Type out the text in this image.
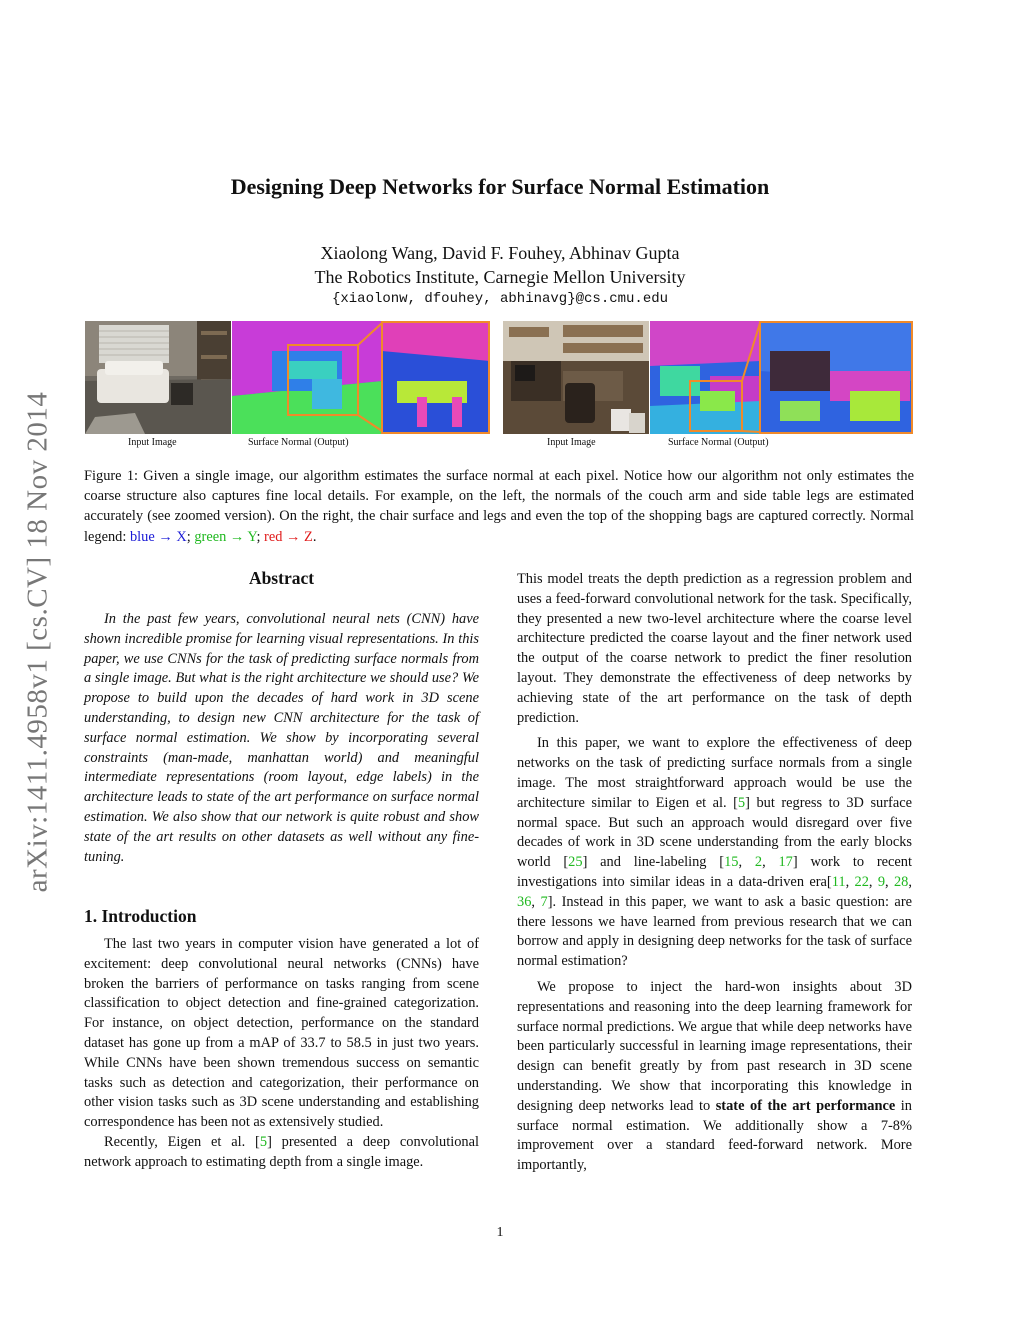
arXiv:1411.4958v1 [cs.CV] 18 Nov 2014
Designing Deep Networks for Surface Normal Estimation
Xiaolong Wang, David F. Fouhey, Abhinav Gupta
The Robotics Institute, Carnegie Mellon University
{xiaolonw, dfouhey, abhinavg}@cs.cmu.edu
Input Image	Surface Normal (Output)	Input Image	Surface Normal (Output)
Figure 1: Given a single image, our algorithm estimates the surface normal at each pixel. Notice how our algorithm not only estimates the coarse structure also captures fine local details. For example, on the left, the normals of the couch arm and side table legs are estimated accurately (see zoomed version). On the right, the chair surface and legs and even the top of the shopping bags are captured correctly. Normal legend: blue → X; green → Y; red → Z.
Abstract
In the past few years, convolutional neural nets (CNN) have shown incredible promise for learning visual representations. In this paper, we use CNNs for the task of predicting surface normals from a single image. But what is the right architecture we should use? We propose to build upon the decades of hard work in 3D scene understanding, to design new CNN architecture for the task of surface normal estimation. We show by incorporating several constraints (man-made, manhattan world) and meaningful intermediate representations (room layout, edge labels) in the architecture leads to state of the art performance on surface normal estimation. We also show that our network is quite robust and show state of the art results on other datasets as well without any fine-tuning.
1. Introduction

The last two years in computer vision have generated a lot of excitement: deep convolutional neural networks (CNNs) have broken the barriers of performance on tasks ranging from scene classification to object detection and fine-grained categorization. For instance, on object detection, performance on the standard dataset has gone up from a mAP of 33.7 to 58.5 in just two years. While CNNs have been shown tremendous success on semantic tasks such as detection and categorization, their performance on other vision tasks such as 3D scene understanding and establishing correspondence has been not as extensively studied.

Recently, Eigen et al. [5] presented a deep convolutional network approach to estimating depth from a single image.

This model treats the depth prediction as a regression problem and uses a feed-forward convolutional network for the task. Specifically, they presented a new two-level architecture where the coarse level architecture predicted the coarse layout and the finer network used the output of the coarse network to predict the finer resolution layout. They demonstrate the effectiveness of deep networks by achieving state of the art performance on the task of depth prediction.

In this paper, we want to explore the effectiveness of deep networks on the task of predicting surface normals from a single image. The most straightforward approach would be use the architecture similar to Eigen et al. [5] but regress to 3D surface normal space. But such an approach would disregard over five decades of work in 3D scene understanding from the early blocks world [25] and line-labeling [15, 2, 17] work to recent investigations into similar ideas in a data-driven era[11, 22, 9, 28, 36, 7]. Instead in this paper, we want to ask a basic question: are there lessons we have learned from previous research that we can borrow and apply in designing deep networks for the task of surface normal estimation?

We propose to inject the hard-won insights about 3D representations and reasoning into the deep learning framework for surface normal predictions. We argue that while deep networks have been particularly successful in learning image representations, their design can benefit greatly by from past research in 3D scene understanding. We show that incorporating this knowledge in designing deep networks lead to state of the art performance in surface normal estimation. We additionally show a 7-8% improvement over a standard feed-forward network. More importantly,

1
